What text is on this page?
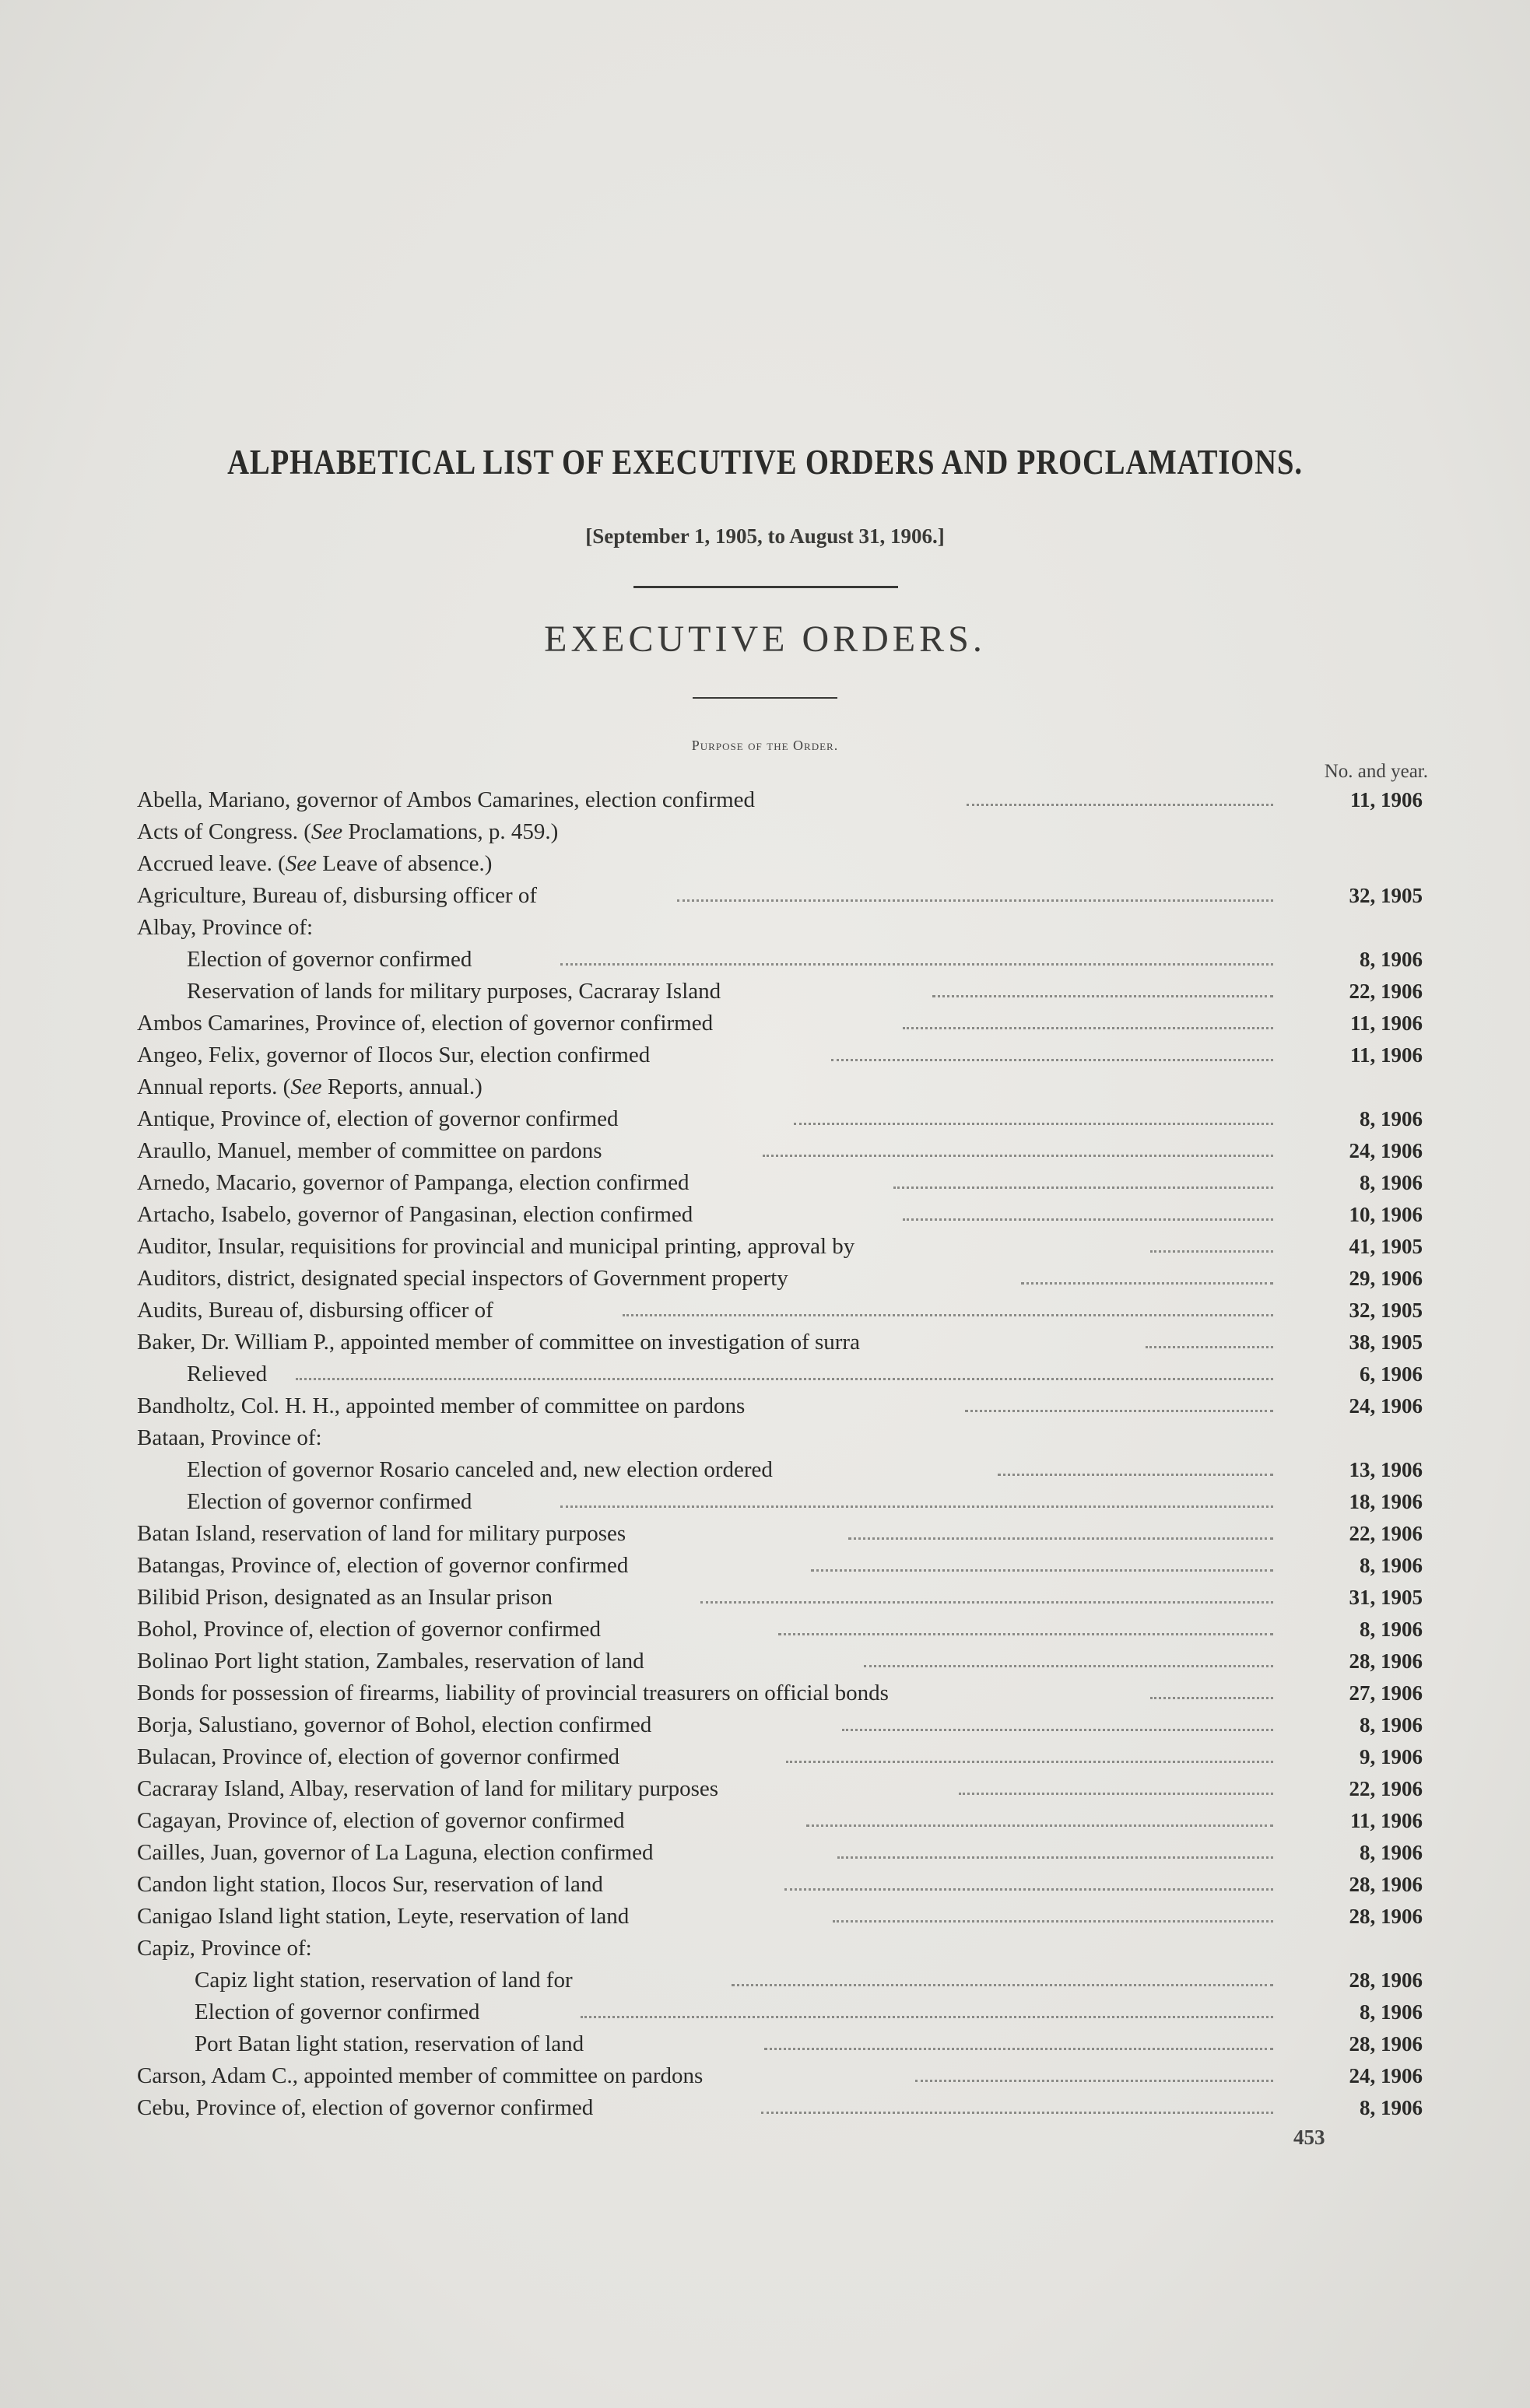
ALPHABETICAL LIST OF EXECUTIVE ORDERS AND PROCLAMATIONS.
[September 1, 1905, to August 31, 1906.]
EXECUTIVE ORDERS.
Purpose of the Order.
No. and year.
Abella, Mariano, governor of Ambos Camarines, election confirmed	11, 1906
Acts of Congress. (See Proclamations, p. 459.)
Accrued leave. (See Leave of absence.)
Agriculture, Bureau of, disbursing officer of	32, 1905
Albay, Province of:
Election of governor confirmed	8, 1906
Reservation of lands for military purposes, Cacraray Island	22, 1906
Ambos Camarines, Province of, election of governor confirmed	11, 1906
Angeo, Felix, governor of Ilocos Sur, election confirmed	11, 1906
Annual reports. (See Reports, annual.)
Antique, Province of, election of governor confirmed	8, 1906
Araullo, Manuel, member of committee on pardons	24, 1906
Arnedo, Macario, governor of Pampanga, election confirmed	8, 1906
Artacho, Isabelo, governor of Pangasinan, election confirmed	10, 1906
Auditor, Insular, requisitions for provincial and municipal printing, approval by	41, 1905
Auditors, district, designated special inspectors of Government property	29, 1906
Audits, Bureau of, disbursing officer of	32, 1905
Baker, Dr. William P., appointed member of committee on investigation of surra	38, 1905
Relieved	6, 1906
Bandholtz, Col. H. H., appointed member of committee on pardons	24, 1906
Bataan, Province of:
Election of governor Rosario canceled and, new election ordered	13, 1906
Election of governor confirmed	18, 1906
Batan Island, reservation of land for military purposes	22, 1906
Batangas, Province of, election of governor confirmed	8, 1906
Bilibid Prison, designated as an Insular prison	31, 1905
Bohol, Province of, election of governor confirmed	8, 1906
Bolinao Port light station, Zambales, reservation of land	28, 1906
Bonds for possession of firearms, liability of provincial treasurers on official bonds	27, 1906
Borja, Salustiano, governor of Bohol, election confirmed	8, 1906
Bulacan, Province of, election of governor confirmed	9, 1906
Cacraray Island, Albay, reservation of land for military purposes	22, 1906
Cagayan, Province of, election of governor confirmed	11, 1906
Cailles, Juan, governor of La Laguna, election confirmed	8, 1906
Candon light station, Ilocos Sur, reservation of land	28, 1906
Canigao Island light station, Leyte, reservation of land	28, 1906
Capiz, Province of:
Capiz light station, reservation of land for	28, 1906
Election of governor confirmed	8, 1906
Port Batan light station, reservation of land	28, 1906
Carson, Adam C., appointed member of committee on pardons	24, 1906
Cebu, Province of, election of governor confirmed	8, 1906
453
